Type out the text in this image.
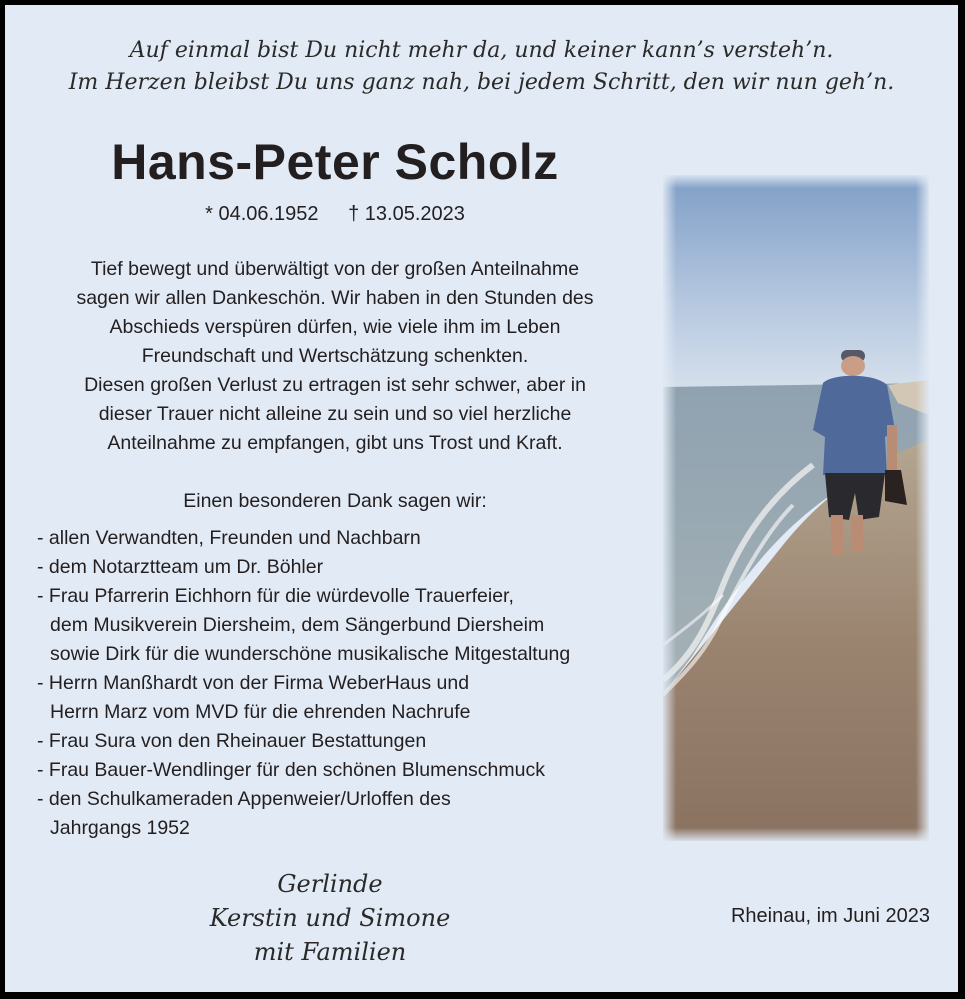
Auf einmal bist Du nicht mehr da, und keiner kann’s versteh’n.
Im Herzen bleibst Du uns ganz nah, bei jedem Schritt, den wir nun geh’n.
Hans-Peter Scholz
* 04.06.1952 † 13.05.2023
Tief bewegt und überwältigt von der großen Anteilnahme
sagen wir allen Dankeschön. Wir haben in den Stunden des
Abschieds verspüren dürfen, wie viele ihm im Leben
Freundschaft und Wertschätzung schenkten.
Diesen großen Verlust zu ertragen ist sehr schwer, aber in
dieser Trauer nicht alleine zu sein und so viel herzliche
Anteilnahme zu empfangen, gibt uns Trost und Kraft.
Einen besonderen Dank sagen wir:
- allen Verwandten, Freunden und Nachbarn
- dem Notarztteam um Dr. Böhler
- Frau Pfarrerin Eichhorn für die würdevolle Trauerfeier,
dem Musikverein Diersheim, dem Sängerbund Diersheim
sowie Dirk für die wunderschöne musikalische Mitgestaltung
- Herrn Manßhardt von der Firma WeberHaus und
Herrn Marz vom MVD für die ehrenden Nachrufe
- Frau Sura von den Rheinauer Bestattungen
- Frau Bauer-Wendlinger für den schönen Blumenschmuck
- den Schulkameraden Appenweier/Urloffen des
Jahrgangs 1952
Gerlinde
Kerstin und Simone
mit Familien
Rheinau, im Juni 2023
